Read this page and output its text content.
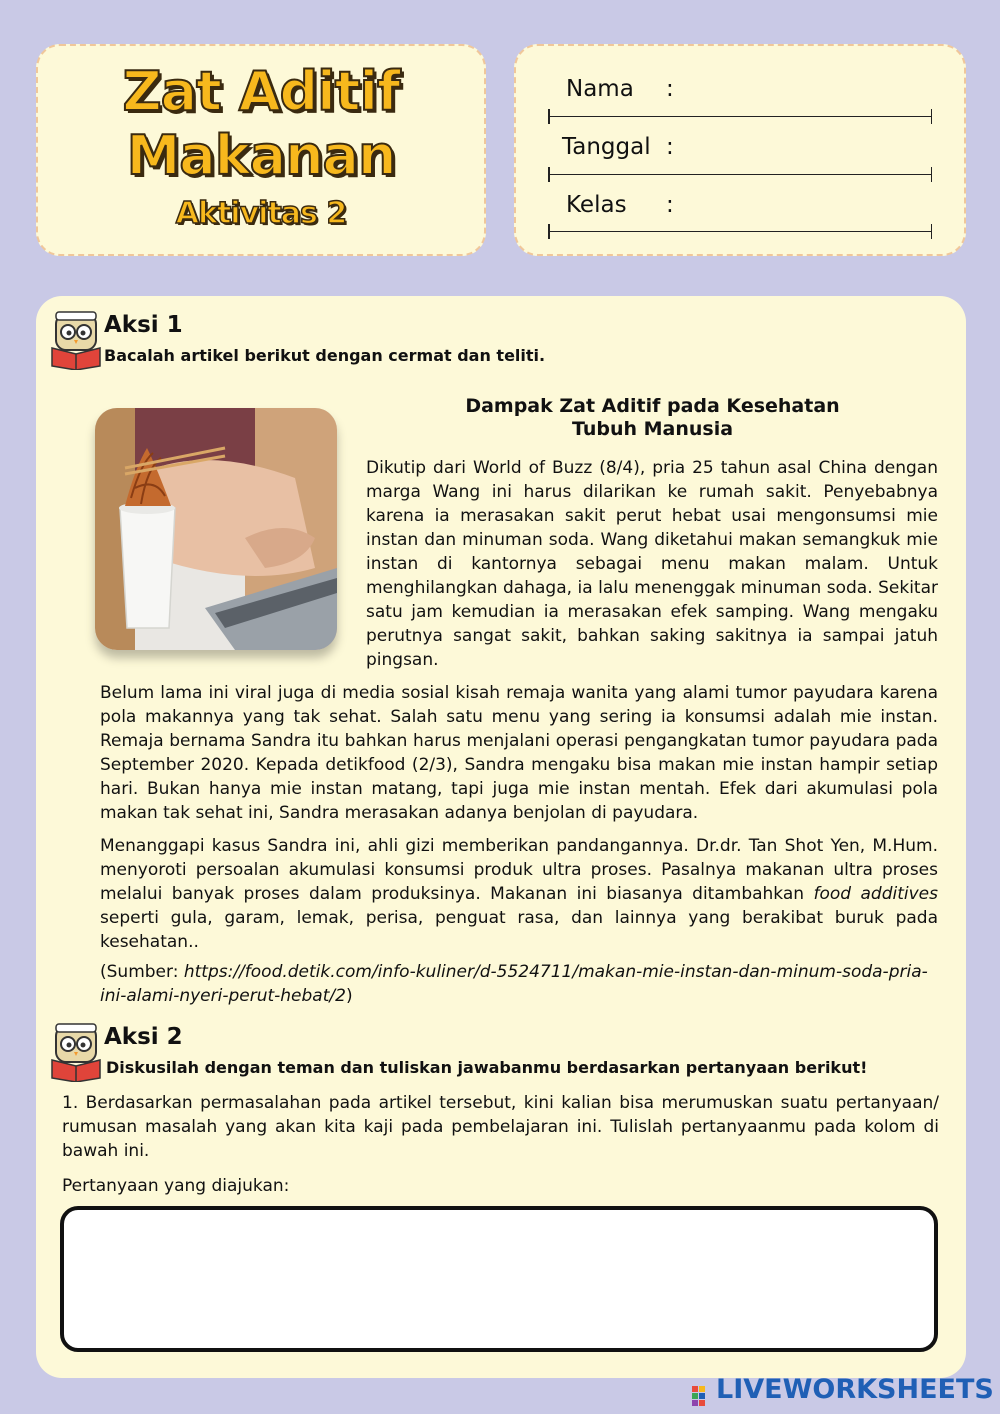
Zat Aditif
Makanan
Aktivitas 2
Nama :
Tanggal :
Kelas :
Aksi 1
Bacalah artikel berikut dengan cermat dan teliti.
Dampak Zat Aditif pada Kesehatan
Tubuh Manusia
Dikutip dari World of Buzz (8/4), pria 25 tahun asal China dengan marga Wang ini harus dilarikan ke rumah sakit. Penyebabnya karena ia merasakan sakit perut hebat usai mengonsumsi mie instan dan minuman soda. Wang diketahui makan semangkuk mie instan di kantornya sebagai menu makan malam. Untuk menghilangkan dahaga, ia lalu menenggak minuman soda. Sekitar satu jam kemudian ia merasakan efek samping. Wang mengaku perutnya sangat sakit, bahkan saking sakitnya ia sampai jatuh pingsan.
Belum lama ini viral juga di media sosial kisah remaja wanita yang alami tumor payudara karena pola makannya yang tak sehat. Salah satu menu yang sering ia konsumsi adalah mie instan. Remaja bernama Sandra itu bahkan harus menjalani operasi pengangkatan tumor payudara pada September 2020. Kepada detikfood (2/3), Sandra mengaku bisa makan mie instan hampir setiap hari. Bukan hanya mie instan matang, tapi juga mie instan mentah. Efek dari akumulasi pola makan tak sehat ini, Sandra merasakan adanya benjolan di payudara.
Menanggapi kasus Sandra ini, ahli gizi memberikan pandangannya. Dr.dr. Tan Shot Yen, M.Hum. menyoroti persoalan akumulasi konsumsi produk ultra proses. Pasalnya makanan ultra proses melalui banyak proses dalam produksinya. Makanan ini biasanya ditambahkan food additives seperti gula, garam, lemak, perisa, penguat rasa, dan lainnya yang berakibat buruk pada kesehatan..
(Sumber: https://food.detik.com/info-kuliner/d-5524711/makan-mie-instan-dan-minum-soda-pria-ini-alami-nyeri-perut-hebat/2)
Aksi 2
Diskusilah dengan teman dan tuliskan jawabanmu berdasarkan pertanyaan berikut!
1. Berdasarkan permasalahan pada artikel tersebut, kini kalian bisa merumuskan suatu pertanyaan/ rumusan masalah yang akan kita kaji pada pembelajaran ini. Tulislah pertanyaanmu pada kolom di bawah ini.
Pertanyaan yang diajukan:
LIVEWORKSHEETS
